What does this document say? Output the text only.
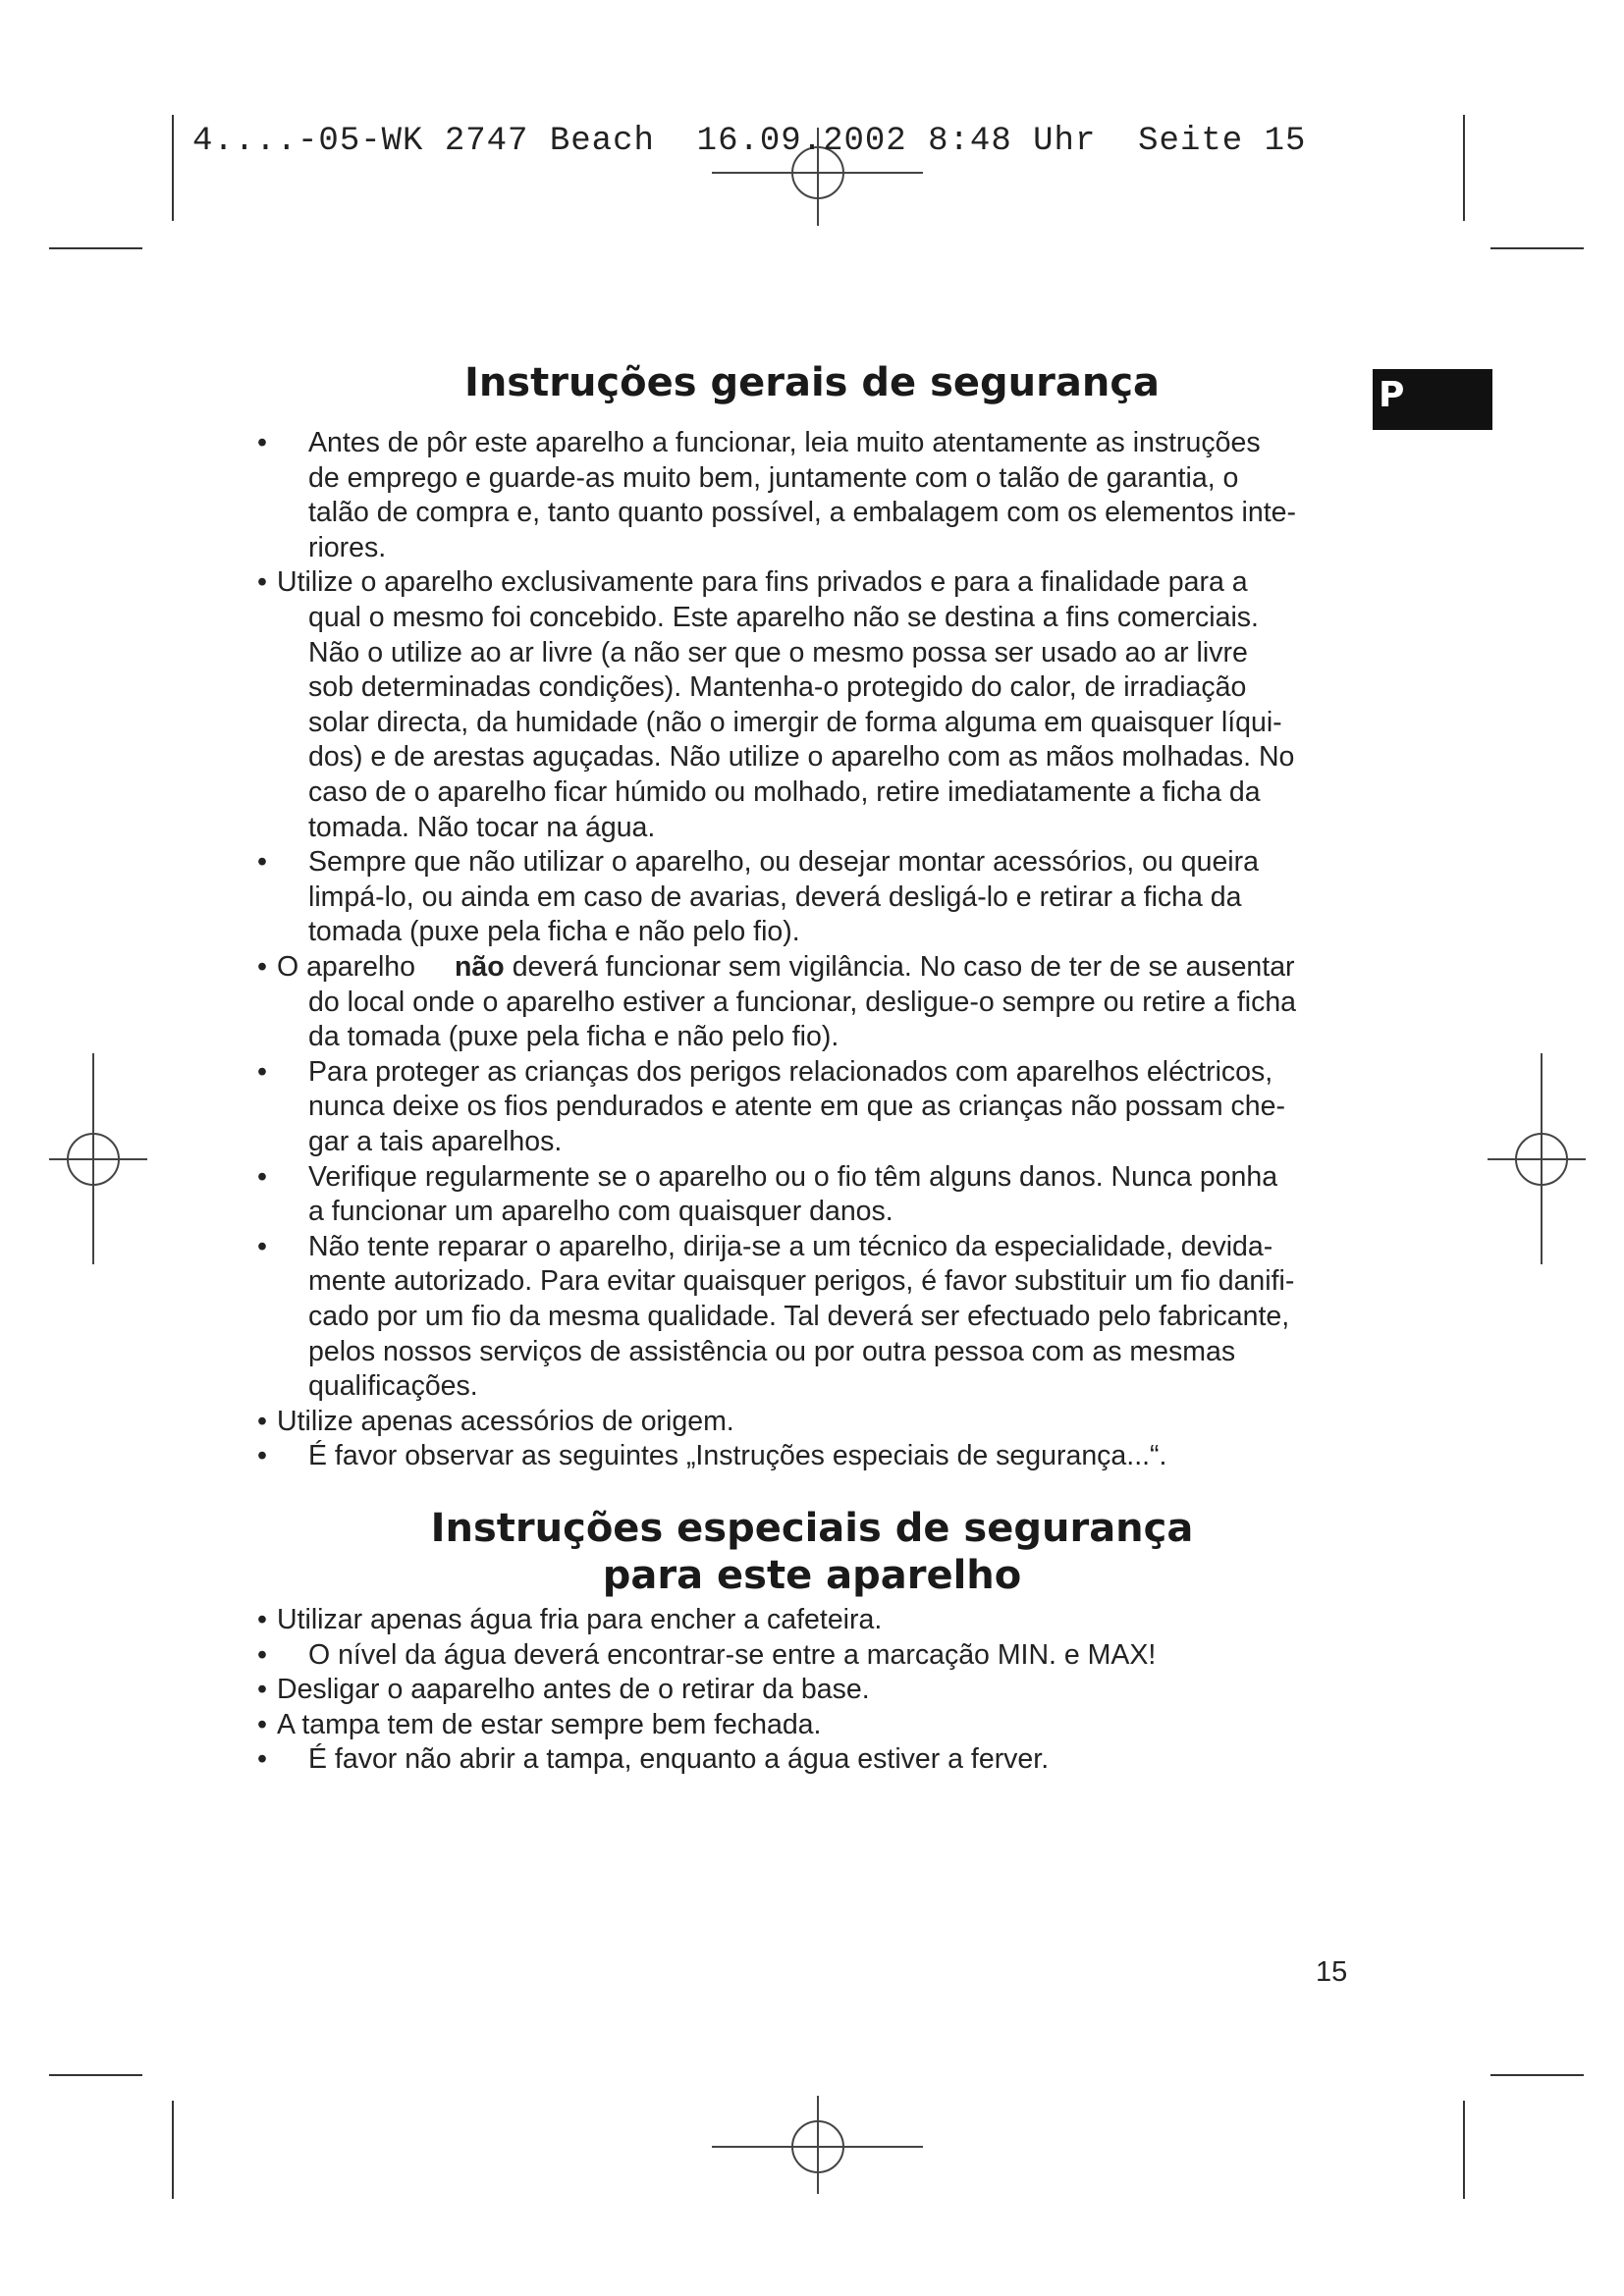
4....-05-WK 2747 Beach  16.09.2002 8:48 Uhr  Seite 15
P
Instruções gerais de segurança
• Antes de pôr este aparelho a funcionar, leia muito atentamente as instruções
de emprego e guarde-as muito bem, juntamente com o talão de garantia, o
talão de compra e, tanto quanto possível, a embalagem com os elementos inte-
riores.
• Utilize o aparelho exclusivamente para fins privados e para a finalidade para a
qual o mesmo foi concebido. Este aparelho não se destina a fins comerciais.
Não o utilize ao ar livre (a não ser que o mesmo possa ser usado ao ar livre
sob determinadas condições). Mantenha-o protegido do calor, de irradiação
solar directa, da humidade (não o imergir de forma alguma em quaisquer líqui-
dos) e de arestas aguçadas. Não utilize o aparelho com as mãos molhadas. No
caso de o aparelho ficar húmido ou molhado, retire imediatamente a ficha da
tomada. Não tocar na água.
• Sempre que não utilizar o aparelho, ou desejar montar acessórios, ou queira
limpá-lo, ou ainda em caso de avarias, deverá desligá-lo e retirar a ficha da
tomada (puxe pela ficha e não pelo fio).
• O aparelho não deverá funcionar sem vigilância. No caso de ter de se ausentar
do local onde o aparelho estiver a funcionar, desligue-o sempre ou retire a ficha
da tomada (puxe pela ficha e não pelo fio).
• Para proteger as crianças dos perigos relacionados com aparelhos eléctricos,
nunca deixe os fios pendurados e atente em que as crianças não possam che-
gar a tais aparelhos.
• Verifique regularmente se o aparelho ou o fio têm alguns danos. Nunca ponha
a funcionar um aparelho com quaisquer danos.
• Não tente reparar o aparelho, dirija-se a um técnico da especialidade, devida-
mente autorizado. Para evitar quaisquer perigos, é favor substituir um fio danifi-
cado por um fio da mesma qualidade. Tal deverá ser efectuado pelo fabricante,
pelos nossos serviços de assistência ou por outra pessoa com as mesmas
qualificações.
• Utilize apenas acessórios de origem.
• É favor observar as seguintes „Instruções especiais de segurança...“.
Instruções especiais de segurança
para este aparelho
• Utilizar apenas água fria para encher a cafeteira.
• O nível da água deverá encontrar-se entre a marcação MIN. e MAX!
• Desligar o aaparelho antes de o retirar da base.
• A tampa tem de estar sempre bem fechada.
• É favor não abrir a tampa, enquanto a água estiver a ferver.
15
